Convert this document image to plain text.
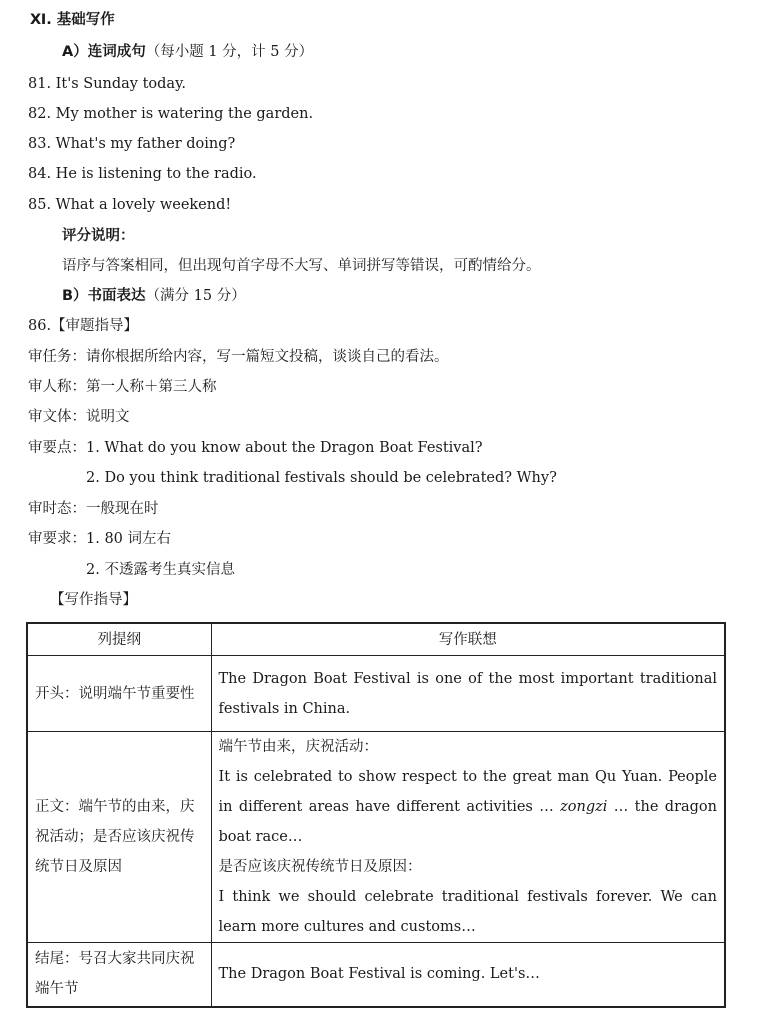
Ⅺ. 基础写作
A）连词成句（每小题 1 分，计 5 分）
81. It's Sunday today.
82. My mother is watering the garden.
83. What's my father doing?
84. He is listening to the radio.
85. What a lovely weekend!
评分说明：
语序与答案相同，但出现句首字母不大写、单词拼写等错误，可酌情给分。
B）书面表达（满分 15 分）
86.【审题指导】
审任务：请你根据所给内容，写一篇短文投稿，谈谈自己的看法。
审人称：第一人称＋第三人称
审文体：说明文
审要点：1. What do you know about the Dragon Boat Festival?
2. Do you think traditional festivals should be celebrated? Why?
审时态：一般现在时
审要求：1. 80 词左右
2. 不透露考生真实信息
【写作指导】
列提纲	写作联想
开头：说明端午节重要性	The Dragon Boat Festival is one of the most important traditional festivals in China.
正文：端午节的由来，庆祝活动；是否应该庆祝传统节日及原因	端午节由来，庆祝活动：
It is celebrated to show respect to the great man Qu Yuan. People in different areas have different activities … zongzi … the dragon boat race…
是否应该庆祝传统节日及原因：
I think we should celebrate traditional festivals forever. We can learn more cultures and customs…

结尾：号召大家共同庆祝端午节	The Dragon Boat Festival is coming. Let's…
